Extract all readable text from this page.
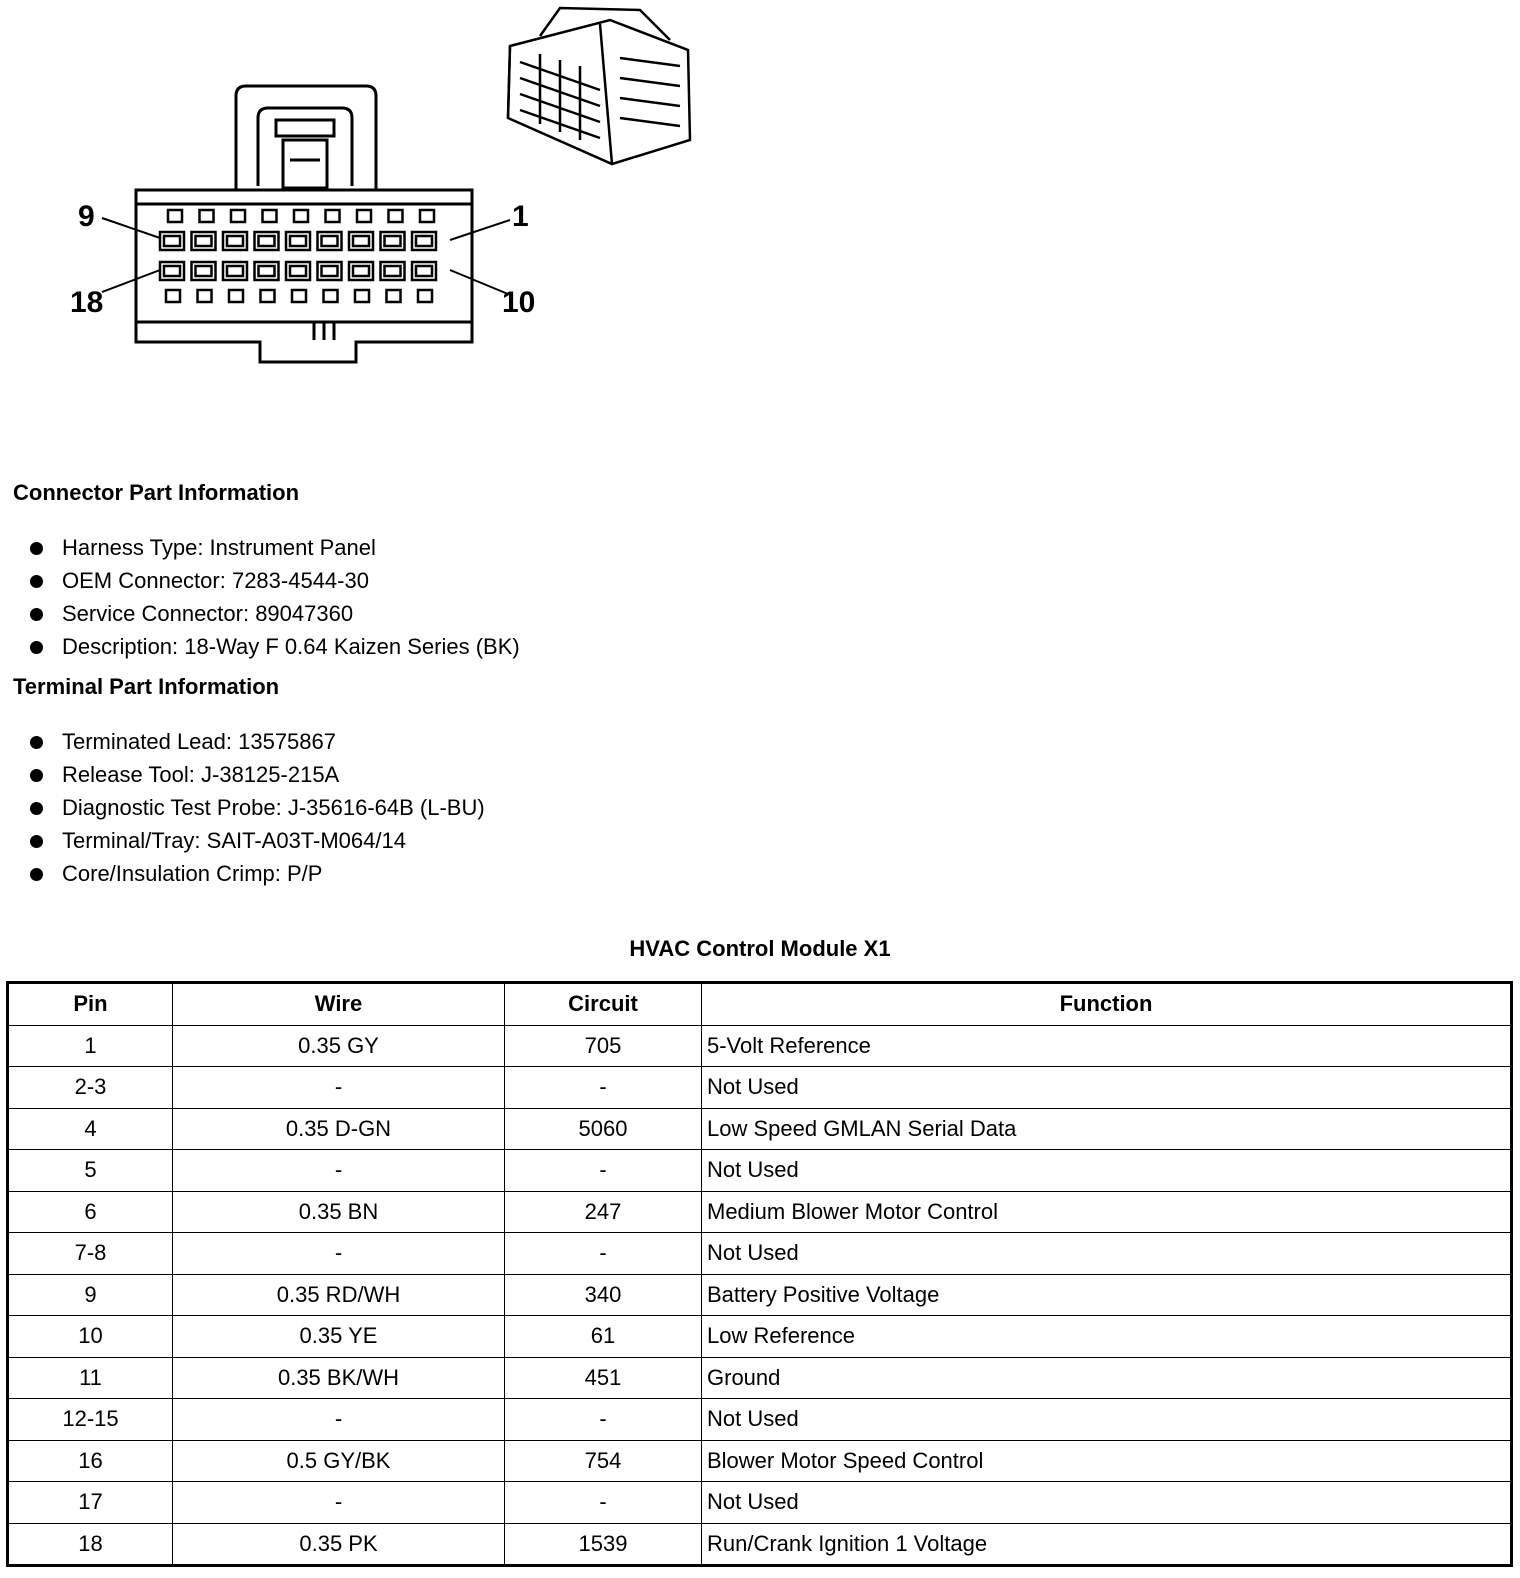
9	1
18	10
Connector Part Information
Harness Type: Instrument Panel
OEM Connector: 7283-4544-30
Service Connector: 89047360
Description: 18-Way F 0.64 Kaizen Series (BK)
Terminal Part Information
Terminated Lead: 13575867
Release Tool: J-38125-215A
Diagnostic Test Probe: J-35616-64B (L-BU)
Terminal/Tray: SAIT-A03T-M064/14
Core/Insulation Crimp: P/P
HVAC Control Module X1
Pin	Wire	Circuit	Function
1	0.35 GY	705	5-Volt Reference
2-3	-	-	Not Used
4	0.35 D-GN	5060	Low Speed GMLAN Serial Data
5	-	-	Not Used
6	0.35 BN	247	Medium Blower Motor Control
7-8	-	-	Not Used
9	0.35 RD/WH	340	Battery Positive Voltage
10	0.35 YE	61	Low Reference
11	0.35 BK/WH	451	Ground
12-15	-	-	Not Used
16	0.5 GY/BK	754	Blower Motor Speed Control
17	-	-	Not Used
18	0.35 PK	1539	Run/Crank Ignition 1 Voltage
